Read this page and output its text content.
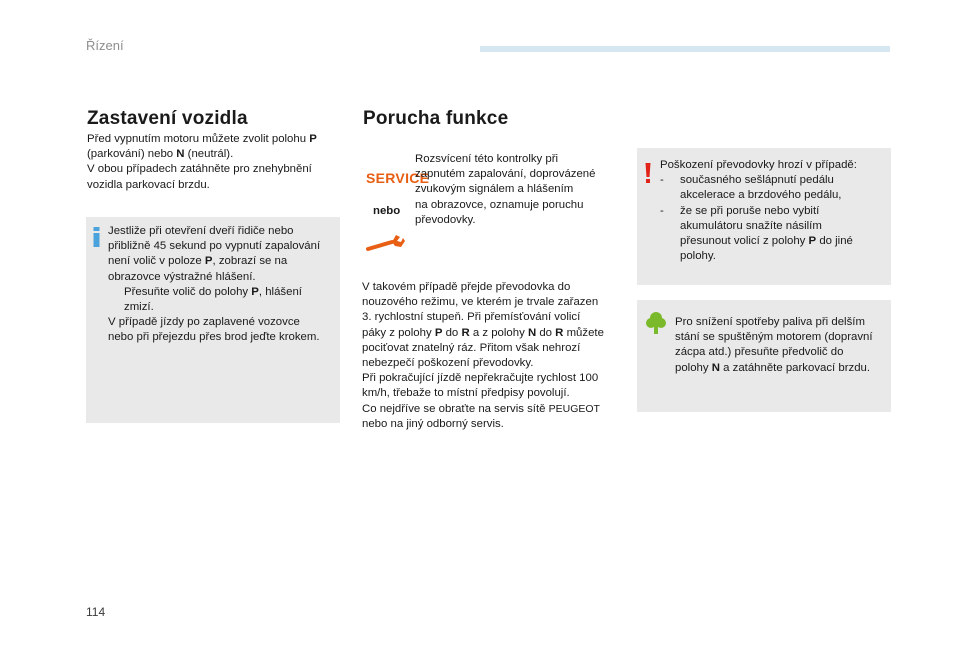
Řízení
Zastavení vozidla
Před vypnutím motoru můžete zvolit polohu P
(parkování) nebo N (neutrál).
V obou případech zatáhněte pro znehybnění
vozidla parkovací brzdu.
Jestliže při otevření dveří řidiče nebo
přibližně 45 sekund po vypnutí zapalování
není volič v poloze P, zobrazí se na
obrazovce výstražné hlášení.
Přesuňte volič do polohy P, hlášení
zmizí.
V případě jízdy po zaplavené vozovce
nebo při přejezdu přes brod jeďte krokem.
Porucha funkce
SERVICE
nebo
Rozsvícení této kontrolky při
zapnutém zapalování, doprovázené
zvukovým signálem a hlášením
na obrazovce, oznamuje poruchu
převodovky.
V takovém případě přejde převodovka do
nouzového režimu, ve kterém je trvale zařazen
3. rychlostní stupeň. Při přemísťování volicí
páky z polohy P do R a z polohy N do R můžete
pociťovat znatelný ráz. Přitom však nehrozí
nebezpečí poškození převodovky.
Při pokračující jízdě nepřekračujte rychlost 100
km/h, třebaže to místní předpisy povolují.
Co nejdříve se obraťte na servis sítě PEUGEOT
nebo na jiný odborný servis.
Poškození převodovky hrozí v případě:
-	současného sešlápnutí pedálu
akcelerace a brzdového pedálu,
-	že se při poruše nebo vybití
akumulátoru snažíte násilím
přesunout volicí z polohy P do jiné
polohy.
Pro snížení spotřeby paliva při delším
stání se spuštěným motorem (dopravní
zácpa atd.) přesuňte předvolič do
polohy N a zatáhněte parkovací brzdu.
114
